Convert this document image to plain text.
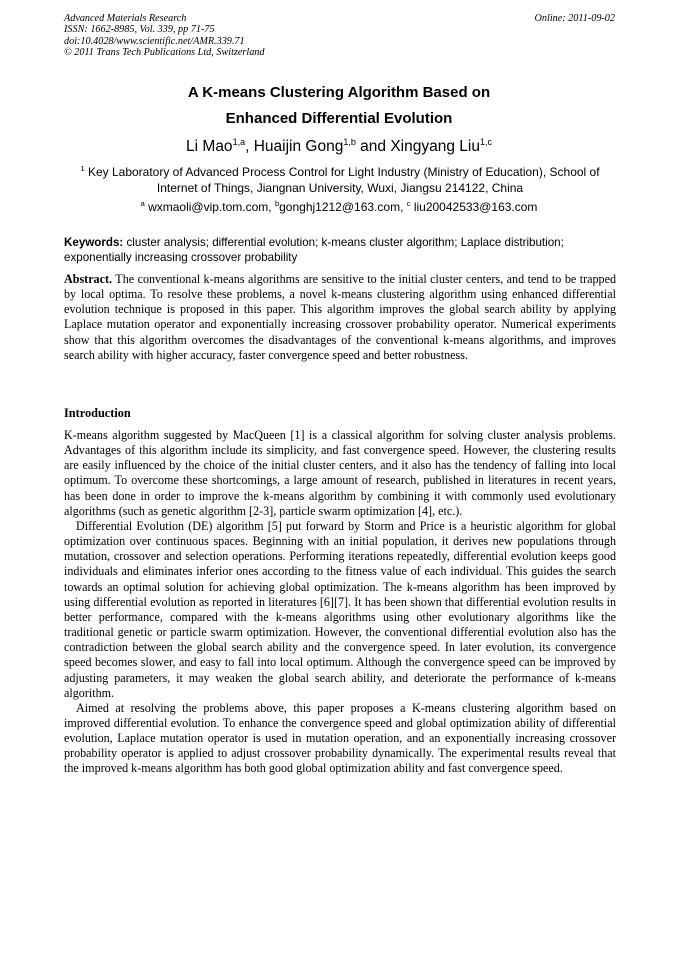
Advanced Materials Research
ISSN: 1662-8985, Vol. 339, pp 71-75
doi:10.4028/www.scientific.net/AMR.339.71
© 2011 Trans Tech Publications Ltd, Switzerland
Online: 2011-09-02
A K-means Clustering Algorithm Based on
Enhanced Differential Evolution
Li Mao$^{1,a}$, Huaijin Gong$^{1,b}$ and Xingyang Liu$^{1,c}$
$^1$ Key Laboratory of Advanced Process Control for Light Industry (Ministry of Education), School of Internet of Things, Jiangnan University, Wuxi, Jiangsu 214122, China
$^a$ wxmaoli@vip.tom.com, $^b$gonghj1212@163.com, $^c$ liu20042533@163.com
Keywords: cluster analysis; differential evolution; k-means cluster algorithm; Laplace distribution; exponentially increasing crossover probability
Abstract. The conventional k-means algorithms are sensitive to the initial cluster centers, and tend to be trapped by local optima. To resolve these problems, a novel k-means clustering algorithm using enhanced differential evolution technique is proposed in this paper. This algorithm improves the global search ability by applying Laplace mutation operator and exponentially increasing crossover probability operator. Numerical experiments show that this algorithm overcomes the disadvantages of the conventional k-means algorithms, and improves search ability with higher accuracy, faster convergence speed and better robustness.
Introduction

K-means algorithm suggested by MacQueen [1] is a classical algorithm for solving cluster analysis problems. Advantages of this algorithm include its simplicity, and fast convergence speed. However, the clustering results are easily influenced by the choice of the initial cluster centers, and it also has the tendency of falling into local optimum. To overcome these shortcomings, a large amount of research, published in literatures in recent years, has been done in order to improve the k-means algorithm by combining it with commonly used evolutionary algorithms (such as genetic algorithm [2-3], particle swarm optimization [4], etc.).

Differential Evolution (DE) algorithm [5] put forward by Storm and Price is a heuristic algorithm for global optimization over continuous spaces. Beginning with an initial population, it derives new populations through mutation, crossover and selection operations. Performing iterations repeatedly, differential evolution keeps good individuals and eliminates inferior ones according to the fitness value of each individual. This guides the search towards an optimal solution for achieving global optimization. The k-means algorithm has been improved by using differential evolution as reported in literatures [6][7]. It has been shown that differential evolution results in better performance, compared with the k-means algorithms using other evolutionary algorithms like the traditional genetic or particle swarm optimization. However, the conventional differential evolution also has the contradiction between the global search ability and the convergence speed. In later evolution, its convergence speed becomes slower, and easy to fall into local optimum. Although the convergence speed can be improved by adjusting parameters, it may weaken the global search ability, and deteriorate the performance of k-means algorithm.

Aimed at resolving the problems above, this paper proposes a K-means clustering algorithm based on improved differential evolution. To enhance the convergence speed and global optimization ability of differential evolution, Laplace mutation operator is used in mutation operation, and an exponentially increasing crossover probability operator is applied to adjust crossover probability dynamically. The experimental results reveal that the improved k-means algorithm has both good global optimization ability and fast convergence speed.
